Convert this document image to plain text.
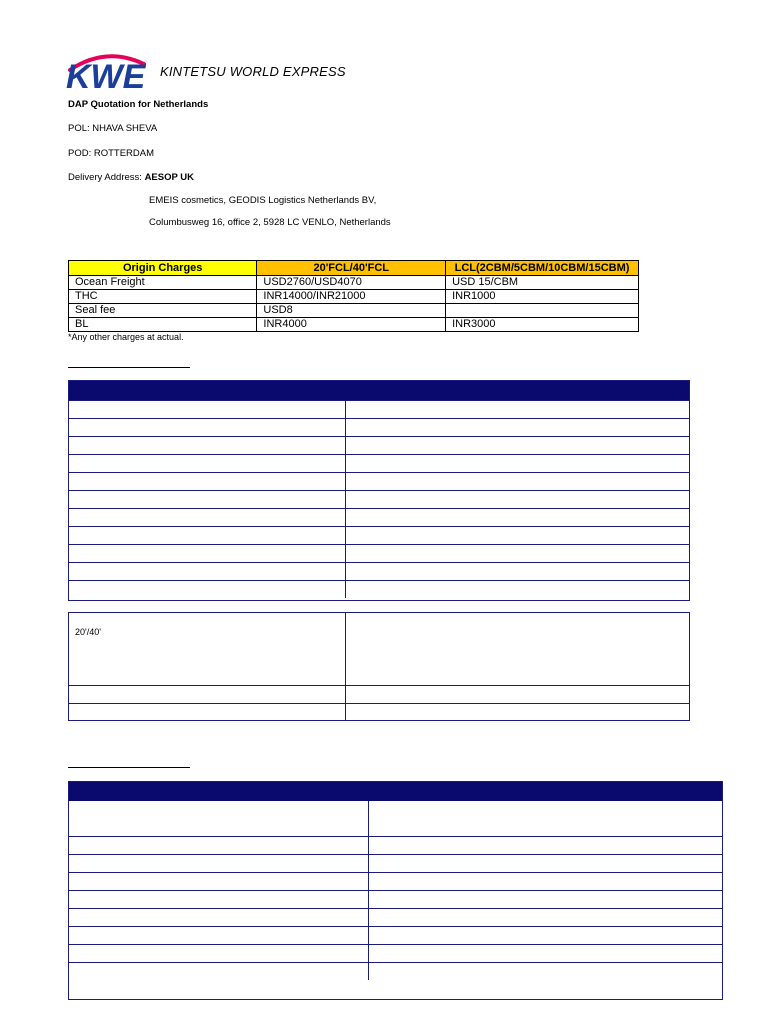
KWE KINTETSU WORLD EXPRESS
DAP Quotation for Netherlands
POL: NHAVA SHEVA
POD: ROTTERDAM
Delivery Address: AESOP UK
EMEIS cosmetics, GEODIS Logistics Netherlands BV,
Columbusweg 16, office 2, 5928 LC VENLO, Netherlands
Origin Charges	20'FCL/40'FCL	LCL(2CBM/5CBM/10CBM/15CBM)
Ocean Freight	USD2760/USD4070	USD 15/CBM
THC	INR14000/INR21000	INR1000
Seal fee	USD8	
BL	INR4000	INR3000
*Any other charges at actual.
20'/40'
